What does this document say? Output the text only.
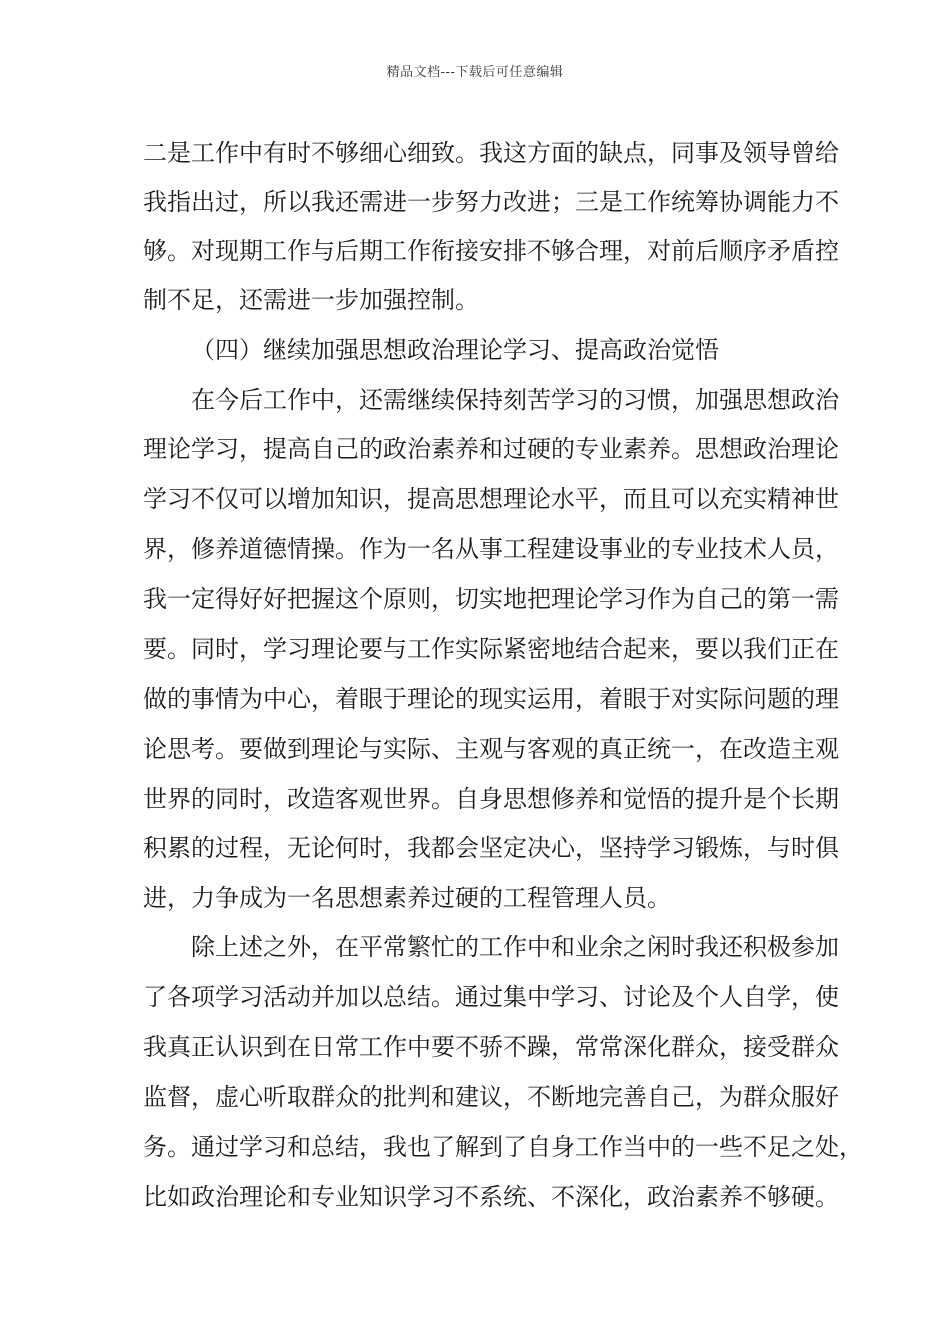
精品文档---下载后可任意编辑
二是工作中有时不够细心细致。我这方面的缺点，同事及领导曾给
我指出过，所以我还需进一步努力改进；三是工作统筹协调能力不
够。对现期工作与后期工作衔接安排不够合理，对前后顺序矛盾控
制不足，还需进一步加强控制。
（四）继续加强思想政治理论学习、提高政治觉悟
在今后工作中，还需继续保持刻苦学习的习惯，加强思想政治
理论学习，提高自己的政治素养和过硬的专业素养。思想政治理论
学习不仅可以增加知识，提高思想理论水平，而且可以充实精神世
界，修养道德情操。作为一名从事工程建设事业的专业技术人员，
我一定得好好把握这个原则，切实地把理论学习作为自己的第一需
要。同时，学习理论要与工作实际紧密地结合起来，要以我们正在
做的事情为中心，着眼于理论的现实运用，着眼于对实际问题的理
论思考。要做到理论与实际、主观与客观的真正统一，在改造主观
世界的同时，改造客观世界。自身思想修养和觉悟的提升是个长期
积累的过程，无论何时，我都会坚定决心，坚持学习锻炼，与时俱
进，力争成为一名思想素养过硬的工程管理人员。
除上述之外，在平常繁忙的工作中和业余之闲时我还积极参加
了各项学习活动并加以总结。通过集中学习、讨论及个人自学，使
我真正认识到在日常工作中要不骄不躁，常常深化群众，接受群众
监督，虚心听取群众的批判和建议，不断地完善自己，为群众服好
务。通过学习和总结，我也了解到了自身工作当中的一些不足之处，
比如政治理论和专业知识学习不系统、不深化，政治素养不够硬。
